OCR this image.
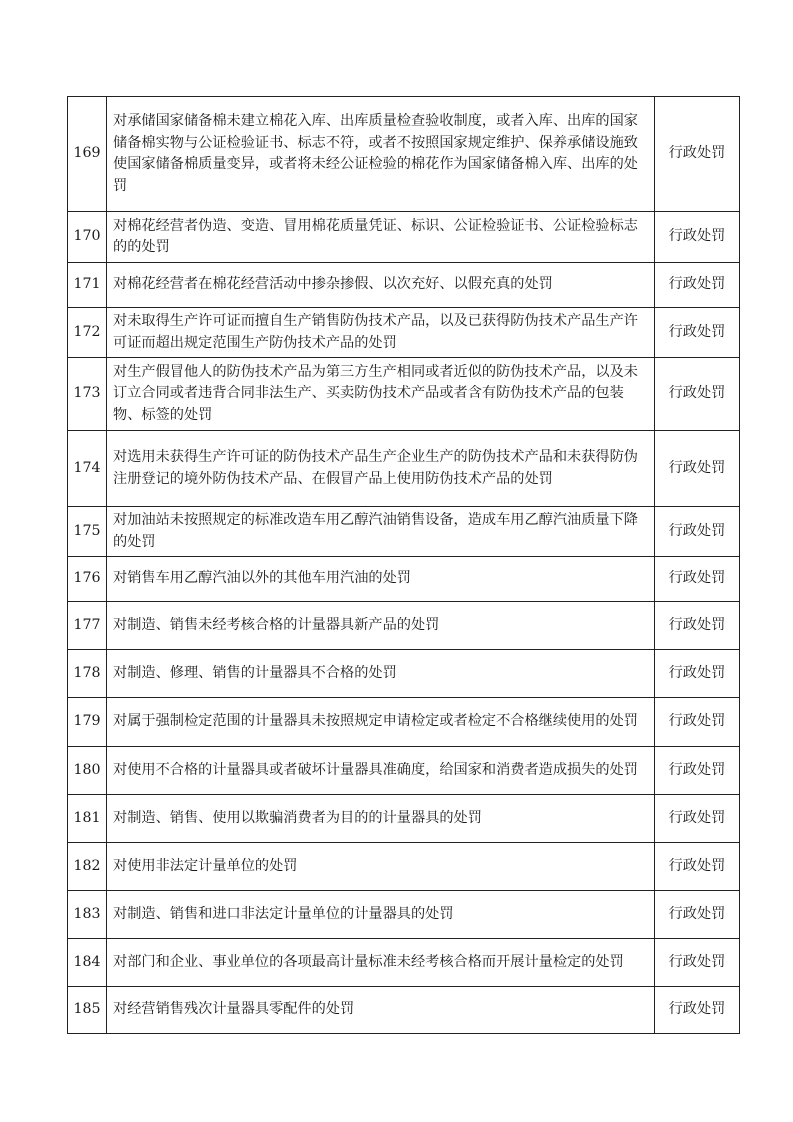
169	对承储国家储备棉未建立棉花入库、出库质量检查验收制度，或者入库、出库的国家储备棉实物与公证检验证书、标志不符，或者不按照国家规定维护、保养承储设施致使国家储备棉质量变异，或者将未经公证检验的棉花作为国家储备棉入库、出库的处罚	行政处罚
170	对棉花经营者伪造、变造、冒用棉花质量凭证、标识、公证检验证书、公证检验标志的的处罚	行政处罚
171	对棉花经营者在棉花经营活动中掺杂掺假、以次充好、以假充真的处罚	行政处罚
172	对未取得生产许可证而擅自生产销售防伪技术产品，以及已获得防伪技术产品生产许可证而超出规定范围生产防伪技术产品的处罚	行政处罚
173	对生产假冒他人的防伪技术产品为第三方生产相同或者近似的防伪技术产品，以及未订立合同或者违背合同非法生产、买卖防伪技术产品或者含有防伪技术产品的包装物、标签的处罚	行政处罚
174	对选用未获得生产许可证的防伪技术产品生产企业生产的防伪技术产品和未获得防伪注册登记的境外防伪技术产品、在假冒产品上使用防伪技术产品的处罚	行政处罚
175	对加油站未按照规定的标准改造车用乙醇汽油销售设备，造成车用乙醇汽油质量下降的处罚	行政处罚
176	对销售车用乙醇汽油以外的其他车用汽油的处罚	行政处罚
177	对制造、销售未经考核合格的计量器具新产品的处罚	行政处罚
178	对制造、修理、销售的计量器具不合格的处罚	行政处罚
179	对属于强制检定范围的计量器具未按照规定申请检定或者检定不合格继续使用的处罚	行政处罚
180	对使用不合格的计量器具或者破坏计量器具准确度，给国家和消费者造成损失的处罚	行政处罚
181	对制造、销售、使用以欺骗消费者为目的的计量器具的处罚	行政处罚
182	对使用非法定计量单位的处罚	行政处罚
183	对制造、销售和进口非法定计量单位的计量器具的处罚	行政处罚
184	对部门和企业、事业单位的各项最高计量标准未经考核合格而开展计量检定的处罚	行政处罚
185	对经营销售残次计量器具零配件的处罚	行政处罚
